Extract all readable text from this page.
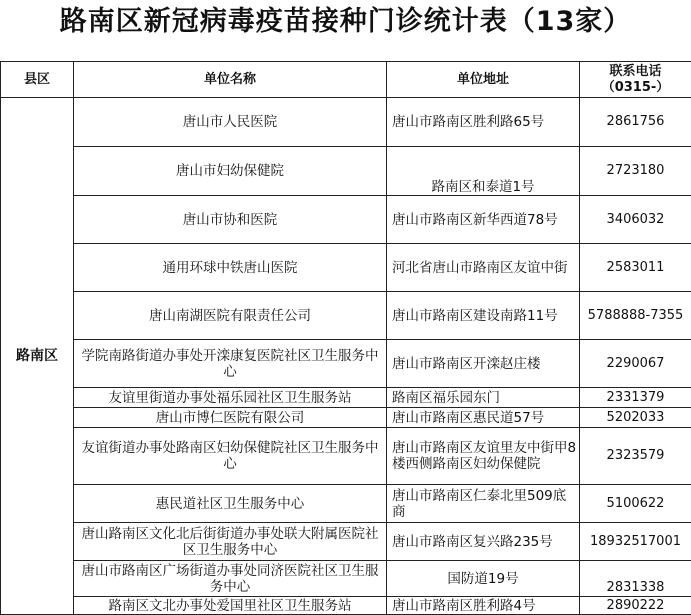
路南区新冠病毒疫苗接种门诊统计表（13家）
县区	单位名称	单位地址	联系电话
（0315-）
路南区	唐山市人民医院	唐山市路南区胜利路65号	2861756
	唐山市妇幼保健院	路南区和泰道1号	2723180
	唐山市协和医院	唐山市路南区新华西道78号	3406032
	通用环球中铁唐山医院	河北省唐山市路南区友谊中街	2583011
	唐山南湖医院有限责任公司	唐山市路南区建设南路11号	5788888-7355
	学院南路街道办事处开滦康复医院社区卫生服务中心	唐山市路南区开滦赵庄楼	2290067
	友谊里街道办事处福乐园社区卫生服务站	路南区福乐园东门	2331379
	唐山市博仁医院有限公司	唐山市路南区惠民道57号	5202033
	友谊街道办事处路南区妇幼保健院社区卫生服务中心	唐山市路南区友谊里友中街甲8楼西侧路南区妇幼保健院	2323579
	惠民道社区卫生服务中心	唐山市路南区仁泰北里509底商	5100622
	唐山路南区文化北后街街道办事处联大附属医院社区卫生服务中心	唐山市路南区复兴路235号	18932517001
	唐山市路南区广场街道办事处同济医院社区卫生服务中心	国防道19号	2831338
	路南区文北办事处爱国里社区卫生服务站	唐山市路南区胜利路4号	2890222
